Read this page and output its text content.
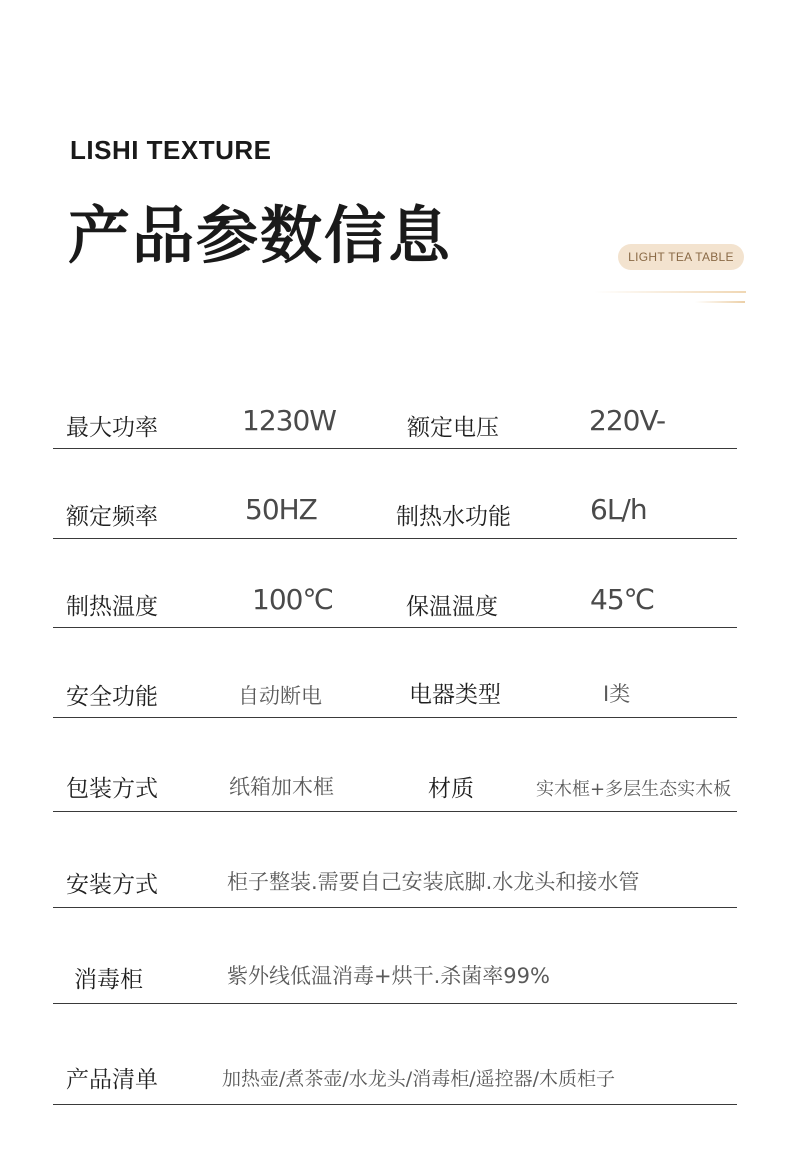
LISHI TEXTURE
产品参数信息	LIGHT TEA TABLE
最大功率	1230W	额定电压	220V-
额定频率	50HZ	制热水功能	6L/h
制热温度	100℃	保温温度	45℃
安全功能	自动断电	电器类型	I类
包装方式	纸箱加木框	材质	实木框+多层生态实木板
安装方式	柜子整装.需要自己安装底脚.水龙头和接水管
消毒柜	紫外线低温消毒+烘干.杀菌率99%
产品清单	加热壶/煮茶壶/水龙头/消毒柜/遥控器/木质柜子
